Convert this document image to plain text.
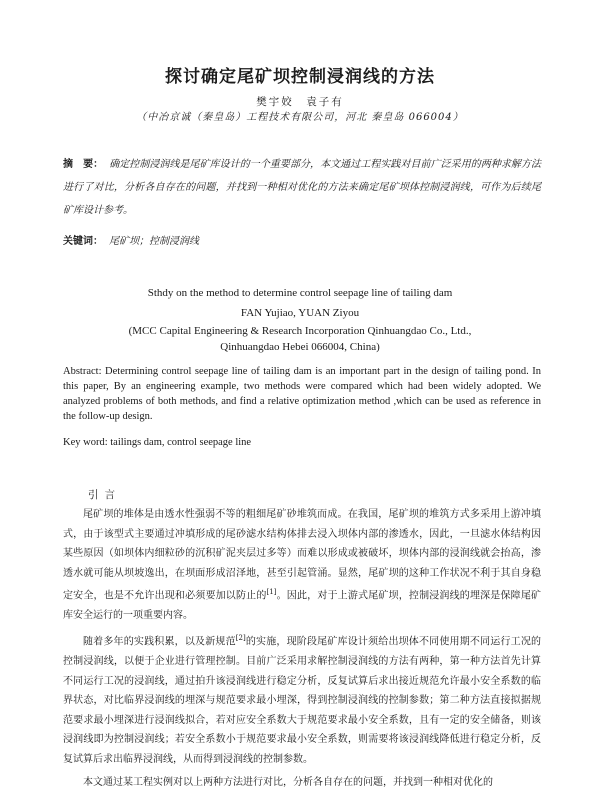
探讨确定尾矿坝控制浸润线的方法
樊宇姣　袁子有
（中冶京诚（秦皇岛）工程技术有限公司，河北 秦皇岛 066004）
摘　要： 确定控制浸润线是尾矿库设计的一个重要部分，本文通过工程实践对目前广泛采用的两种求解方法进行了对比，分析各自存在的问题，并找到一种相对优化的方法来确定尾矿坝体控制浸润线，可作为后续尾矿库设计参考。
关键词： 尾矿坝；控制浸润线
Sthdy on the method to determine control seepage line of tailing dam
FAN Yujiao, YUAN Ziyou
(MCC Capital Engineering & Research Incorporation Qinhuangdao Co., Ltd.,
Qinhuangdao Hebei 066004, China)
Abstract: Determining control seepage line of tailing dam is an important part in the design of tailing pond. In this paper, By an engineering example, two methods were compared which had been widely adopted. We analyzed problems of both methods, and find a relative optimization method ,which can be used as reference in the follow-up design.
Key word: tailings dam, control seepage line
引言

尾矿坝的堆体是由透水性强弱不等的粗细尾矿砂堆筑而成。在我国，尾矿坝的堆筑方式多采用上游冲填式，由于该型式主要通过冲填形成的尾砂滤水结构体排去浸入坝体内部的渗透水，因此，一旦滤水体结构因某些原因（如坝体内细粒砂的沉积矿泥夹层过多等）而难以形成或被破坏，坝体内部的浸润线就会抬高，渗透水就可能从坝坡逸出，在坝面形成沼泽地，甚至引起管涌。显然，尾矿坝的这种工作状况不利于其自身稳定安全，也是不允许出现和必须要加以防止的[1]。因此，对于上游式尾矿坝，控制浸润线的埋深是保障尾矿库安全运行的一项重要内容。

随着多年的实践积累，以及新规范[2]的实施，现阶段尾矿库设计须给出坝体不同使用期不同运行工况的控制浸润线，以便于企业进行管理控制。目前广泛采用求解控制浸润线的方法有两种，第一种方法首先计算不同运行工况的浸润线，通过拍升该浸润线进行稳定分析，反复试算后求出接近规范允许最小安全系数的临界状态，对比临界浸润线的埋深与规范要求最小埋深，得到控制浸润线的控制参数；第二种方法直接拟据规范要求最小埋深进行浸润线拟合，若对应安全系数大于规范要求最小安全系数，且有一定的安全储备，则该浸润线即为控制浸润线；若安全系数小于规范要求最小安全系数，则需要将该浸润线降低进行稳定分析，反复试算后求出临界浸润线，从而得到浸润线的控制参数。

本文通过某工程实例对以上两种方法进行对比，分析各自存在的问题，并找到一种相对优化的
